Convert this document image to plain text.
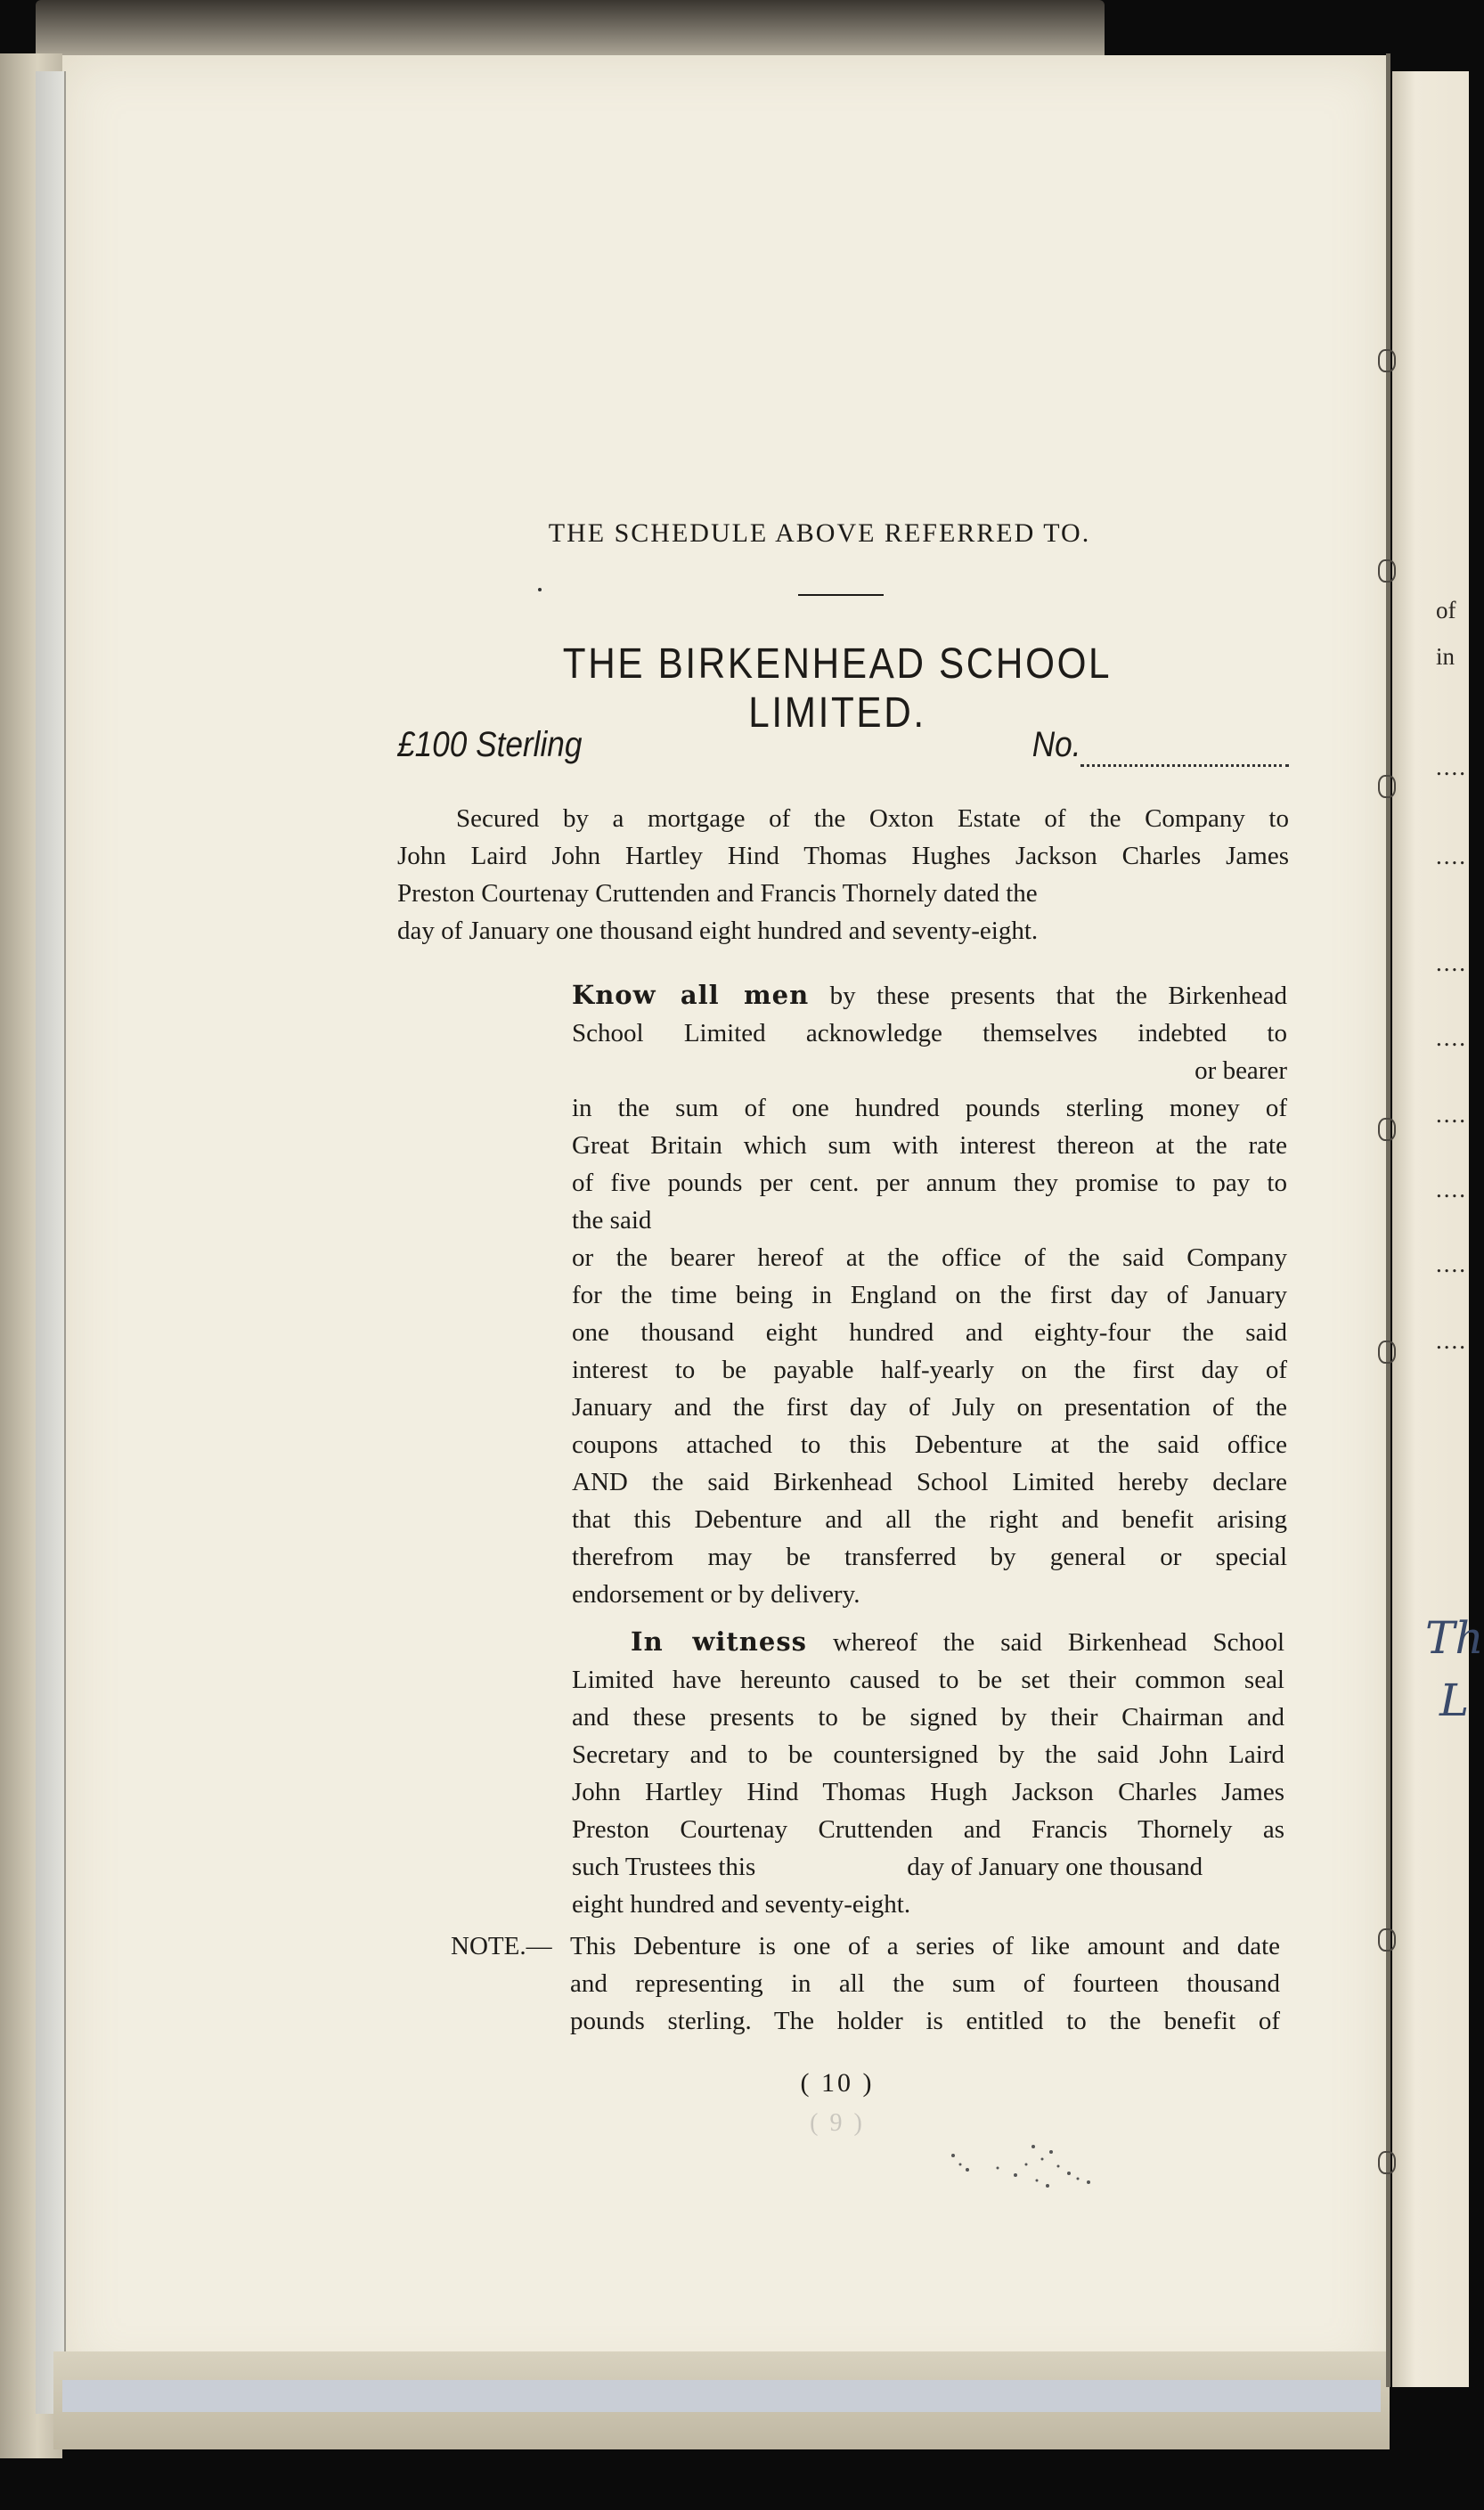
of
in
....
....
....
....
....
....
....
....
Th
L
THE SCHEDULE ABOVE REFERRED TO.
THE BIRKENHEAD SCHOOL LIMITED.
£100 Sterling	No.

Secured by a mortgage of the Oxton Estate of the Company to
John Laird John Hartley Hind Thomas Hughes Jackson Charles James
Preston Courtenay Cruttenden and Francis Thornely dated the
day of January one thousand eight hundred and seventy-eight.

Know all men by these presents that the Birkenhead
School Limited acknowledge themselves indebted to
or bearer
in the sum of one hundred pounds sterling money of
Great Britain which sum with interest thereon at the rate
of five pounds per cent. per annum they promise to pay to
the said
or the bearer hereof at the office of the said Company
for the time being in England on the first day of January
one thousand eight hundred and eighty-four the said
interest to be payable half-yearly on the first day of
January and the first day of July on presentation of the
coupons attached to this Debenture at the said office
AND the said Birkenhead School Limited hereby declare
that this Debenture and all the right and benefit arising
therefrom may be transferred by general or special
endorsement or by delivery.

In witness whereof the said Birkenhead School
Limited have hereunto caused to be set their common seal
and these presents to be signed by their Chairman and
Secretary and to be countersigned by the said John Laird
John Hartley Hind Thomas Hugh Jackson Charles James
Preston Courtenay Cruttenden and Francis Thornely as
such Trustees this	day of January one thousand
eight hundred and seventy-eight.

NOTE.— This Debenture is one of a series of like amount and date
and representing in all the sum of fourteen thousand
pounds sterling. The holder is entitled to the benefit of

( 10 )
( 9 )
